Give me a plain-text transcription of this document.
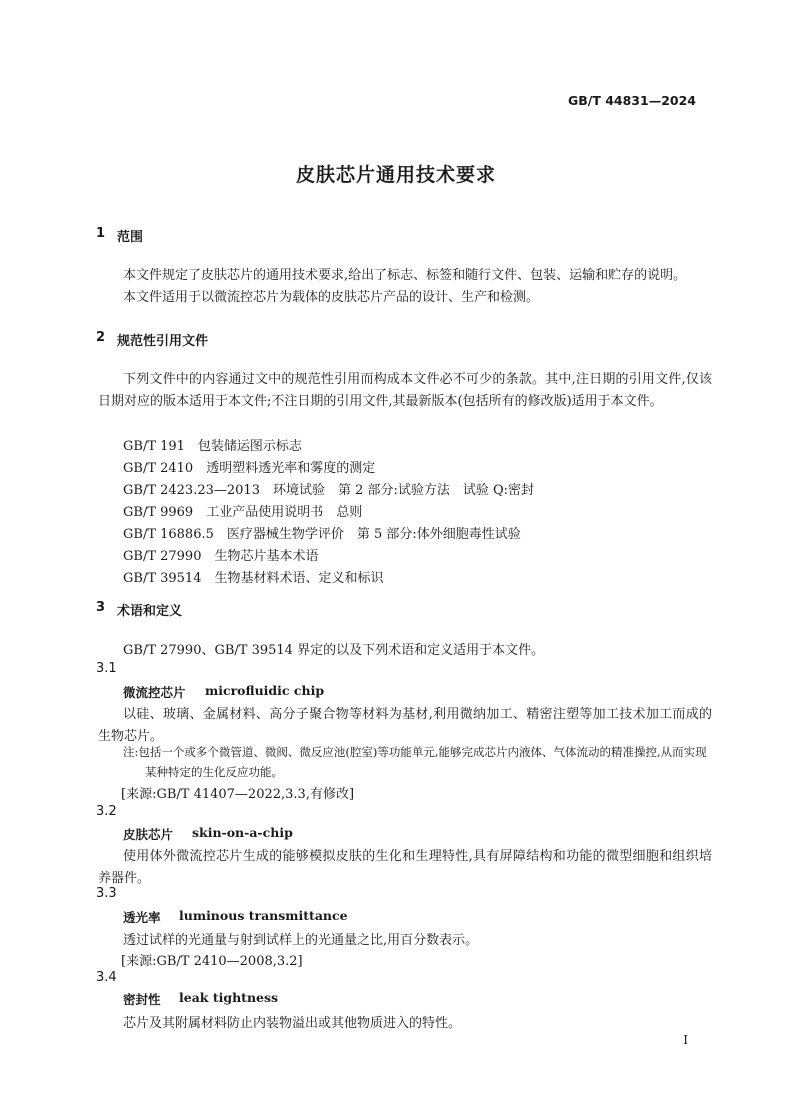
GB/T 44831—2024
皮肤芯片通用技术要求
1 范围
本文件规定了皮肤芯片的通用技术要求,给出了标志、标签和随行文件、包装、运输和贮存的说明。
本文件适用于以微流控芯片为载体的皮肤芯片产品的设计、生产和检测。
2 规范性引用文件
下列文件中的内容通过文中的规范性引用而构成本文件必不可少的条款。其中,注日期的引用文件,仅该日期对应的版本适用于本文件;不注日期的引用文件,其最新版本(包括所有的修改版)适用于本文件。
GB/T 191　包装储运图示标志
GB/T 2410　透明塑料透光率和雾度的测定
GB/T 2423.23—2013　环境试验　第 2 部分:试验方法　试验 Q:密封
GB/T 9969　工业产品使用说明书　总则
GB/T 16886.5　医疗器械生物学评价　第 5 部分:体外细胞毒性试验
GB/T 27990　生物芯片基本术语
GB/T 39514　生物基材料术语、定义和标识
3 术语和定义
GB/T 27990、GB/T 39514 界定的以及下列术语和定义适用于本文件。
3.1
微流控芯片 microfluidic chip
以硅、玻璃、金属材料、高分子聚合物等材料为基材,利用微纳加工、精密注塑等加工技术加工而成的生物芯片。
注:包括一个或多个微管道、微阀、微反应池(腔室)等功能单元,能够完成芯片内液体、气体流动的精准操控,从而实现某种特定的生化反应功能。
[来源:GB/T 41407—2022,3.3,有修改]
3.2
皮肤芯片 skin-on-a-chip
使用体外微流控芯片生成的能够模拟皮肤的生化和生理特性,具有屏障结构和功能的微型细胞和组织培养器件。
3.3
透光率 luminous transmittance
透过试样的光通量与射到试样上的光通量之比,用百分数表示。
[来源:GB/T 2410—2008,3.2]
3.4
密封性 leak tightness
芯片及其附属材料防止内装物溢出或其他物质进入的特性。
I
